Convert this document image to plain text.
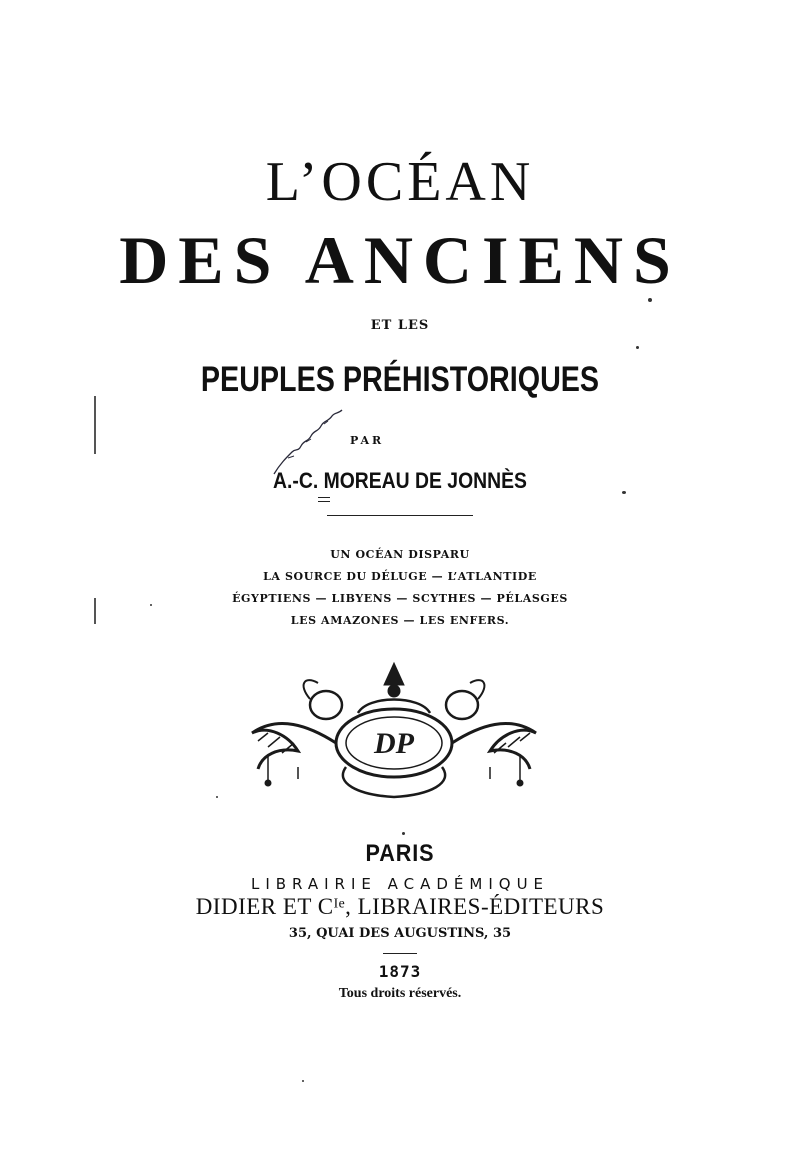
L’OCÉAN
DES ANCIENS
ET LES
PEUPLES PRÉHISTORIQUES
PAR
A.-C. MOREAU DE JONNÈS
UN OCÉAN DISPARU
LA SOURCE DU DÉLUGE — L’ATLANTIDE
ÉGYPTIENS — LIBYENS — SCYTHES — PÉLASGES
LES AMAZONES — LES ENFERS.
DP
PARIS
LIBRAIRIE ACADÉMIQUE
DIDIER ET Cᴵᵉ, LIBRAIRES-ÉDITEURS
35, QUAI DES AUGUSTINS, 35
1873
Tous droits réservés.
